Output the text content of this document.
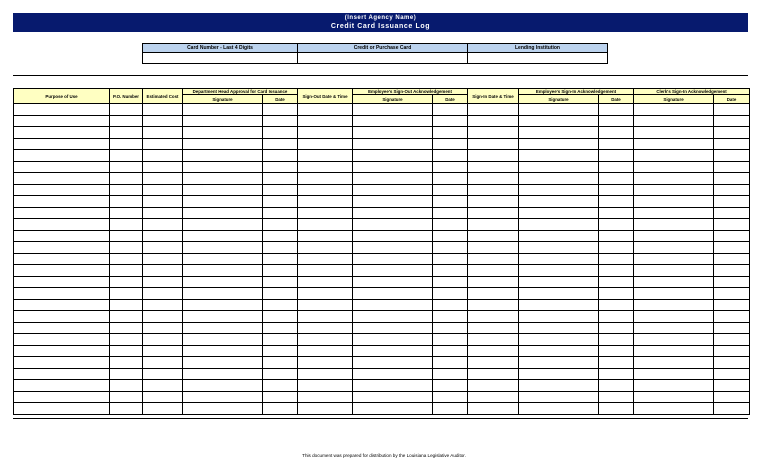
(Insert Agency Name)
Credit Card Issuance Log
Card Number - Last 4 Digits	Credit or Purchase Card	Lending Institution

Purpose of Use	P.O. Number	Estimated Cost	Department Head Approval for Card Issuance		Sign-Out Date & Time	Employee's Sign-Out Acknowledgement		Sign-In Date & Time	Employee's Sign-In Acknowledgement		Clerk's Sign-In Acknowledgement	
			Signature	Date		Signature	Date		Signature	Date	Signature	Date

This document was prepared for distribution by the Louisiana Legislative Auditor.
